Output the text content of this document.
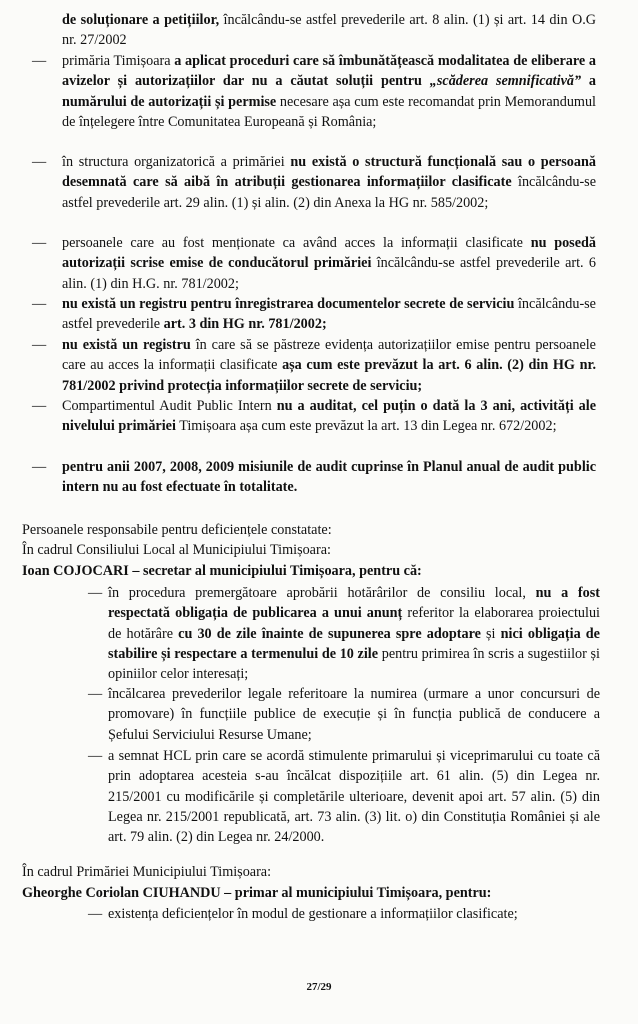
de soluționare a petițiilor, încălcându-se astfel prevederile art. 8 alin. (1) și art. 14 din O.G nr. 27/2002

— primăria Timișoara a aplicat proceduri care să îmbunătățească modalitatea de eliberare a avizelor și autorizațiilor dar nu a căutat soluții pentru „scăderea semnificativă” a numărului de autorizații și permise necesare așa cum este recomandat prin Memorandumul de înțelegere între Comunitatea Europeană și România;

— în structura organizatorică a primăriei nu există o structură funcțională sau o persoană desemnată care să aibă în atribuții gestionarea informațiilor clasificate încălcându-se astfel prevederile art. 29 alin. (1) și alin. (2) din Anexa la HG nr. 585/2002;

— persoanele care au fost menționate ca având acces la informații clasificate nu posedă autorizații scrise emise de conducătorul primăriei încălcându-se astfel prevederile art. 6 alin. (1) din H.G. nr. 781/2002;

— nu există un registru pentru înregistrarea documentelor secrete de serviciu încălcându-se astfel prevederile art. 3 din HG nr. 781/2002;

— nu există un registru în care să se păstreze evidența autorizațiilor emise pentru persoanele care au acces la informații clasificate așa cum este prevăzut la art. 6 alin. (2) din HG nr. 781/2002 privind protecția informațiilor secrete de serviciu;

— Compartimentul Audit Public Intern nu a auditat, cel puțin o dată la 3 ani, activități ale nivelului primăriei Timișoara așa cum este prevăzut la art. 13 din Legea nr. 672/2002;

— pentru anii 2007, 2008, 2009 misiunile de audit cuprinse în Planul anual de audit public intern nu au fost efectuate în totalitate.

Persoanele responsabile pentru deficiențele constatate:

În cadrul Consiliului Local al Municipiului Timișoara:

Ioan COJOCARI – secretar al municipiului Timișoara, pentru că:

— în procedura premergătoare aprobării hotărârilor de consiliu local, nu a fost respectată obligația de publicarea a unui anunț referitor la elaborarea proiectului de hotărâre cu 30 de zile înainte de supunerea spre adoptare și nici obligația de stabilire și respectare a termenului de 10 zile pentru primirea în scris a sugestiilor și opiniilor celor interesați;

— încălcarea prevederilor legale referitoare la numirea (urmare a unor concursuri de promovare) în funcțiile publice de execuție și în funcția publică de conducere a Șefului Serviciului Resurse Umane;

— a semnat HCL prin care se acordă stimulente primarului și viceprimarului cu toate că prin adoptarea acesteia s-au încălcat dispozițiile art. 61 alin. (5) din Legea nr. 215/2001 cu modificările și completările ulterioare, devenit apoi art. 57 alin. (5) din Legea nr. 215/2001 republicată, art. 73 alin. (3) lit. o) din Constituția României și ale art. 79 alin. (2) din Legea nr. 24/2000.

În cadrul Primăriei Municipiului Timișoara:

Gheorghe Coriolan CIUHANDU – primar al municipiului Timișoara, pentru:

— existența deficiențelor în modul de gestionare a informațiilor clasificate;

27/29
